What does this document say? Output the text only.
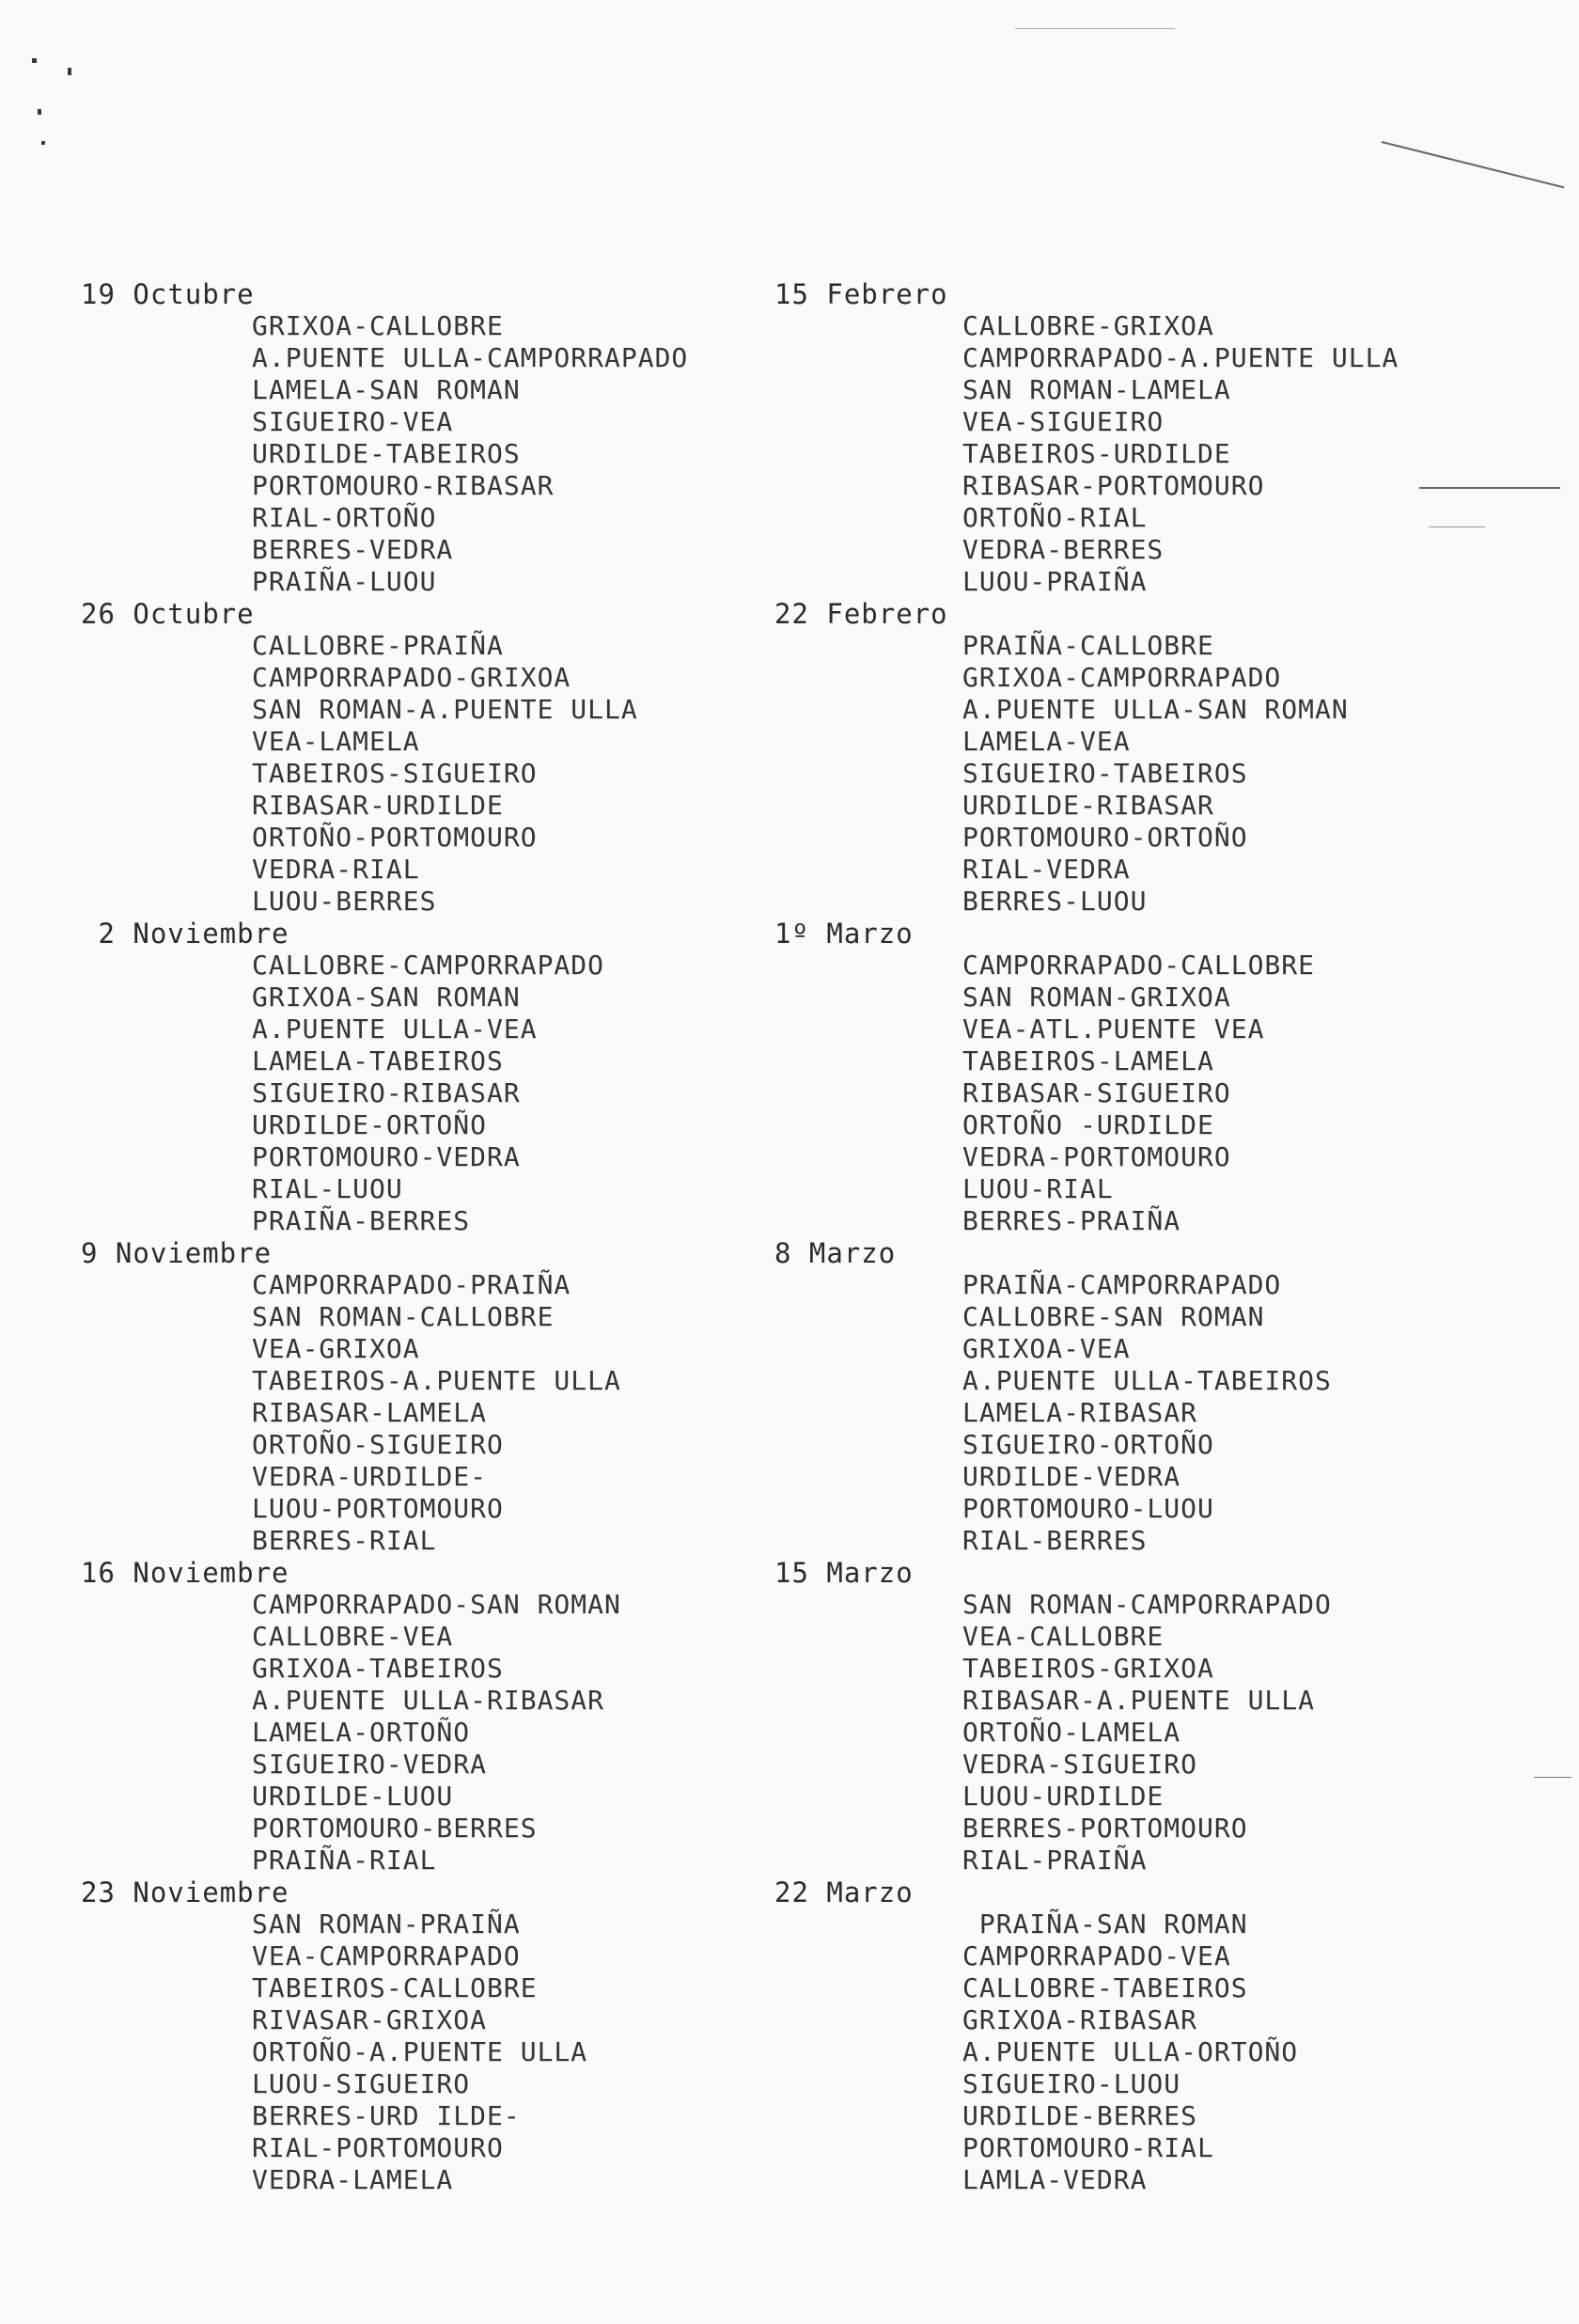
19 Octubre
GRIXOA-CALLOBRE
A.PUENTE ULLA-CAMPORRAPADO
LAMELA-SAN ROMAN
SIGUEIRO-VEA
URDILDE-TABEIROS
PORTOMOURO-RIBASAR
RIAL-ORTOÑO
BERRES-VEDRA
PRAIÑA-LUOU
26 Octubre
CALLOBRE-PRAIÑA
CAMPORRAPADO-GRIXOA
SAN ROMAN-A.PUENTE ULLA
VEA-LAMELA
TABEIROS-SIGUEIRO
RIBASAR-URDILDE
ORTOÑO-PORTOMOURO
VEDRA-RIAL
LUOU-BERRES
2 Noviembre
CALLOBRE-CAMPORRAPADO
GRIXOA-SAN ROMAN
A.PUENTE ULLA-VEA
LAMELA-TABEIROS
SIGUEIRO-RIBASAR
URDILDE-ORTOÑO
PORTOMOURO-VEDRA
RIAL-LUOU
PRAIÑA-BERRES
9 Noviembre
CAMPORRAPADO-PRAIÑA
SAN ROMAN-CALLOBRE
VEA-GRIXOA
TABEIROS-A.PUENTE ULLA
RIBASAR-LAMELA
ORTOÑO-SIGUEIRO
VEDRA-URDILDE-
LUOU-PORTOMOURO
BERRES-RIAL
16 Noviembre
CAMPORRAPADO-SAN ROMAN
CALLOBRE-VEA
GRIXOA-TABEIROS
A.PUENTE ULLA-RIBASAR
LAMELA-ORTOÑO
SIGUEIRO-VEDRA
URDILDE-LUOU
PORTOMOURO-BERRES
PRAIÑA-RIAL
23 Noviembre
SAN ROMAN-PRAIÑA
VEA-CAMPORRAPADO
TABEIROS-CALLOBRE
RIVASAR-GRIXOA
ORTOÑO-A.PUENTE ULLA
LUOU-SIGUEIRO
BERRES-URD ILDE-
RIAL-PORTOMOURO
VEDRA-LAMELA
15 Febrero
CALLOBRE-GRIXOA
CAMPORRAPADO-A.PUENTE ULLA
SAN ROMAN-LAMELA
VEA-SIGUEIRO
TABEIROS-URDILDE
RIBASAR-PORTOMOURO
ORTOÑO-RIAL
VEDRA-BERRES
LUOU-PRAIÑA
22 Febrero
PRAIÑA-CALLOBRE
GRIXOA-CAMPORRAPADO
A.PUENTE ULLA-SAN ROMAN
LAMELA-VEA
SIGUEIRO-TABEIROS
URDILDE-RIBASAR
PORTOMOURO-ORTOÑO
RIAL-VEDRA
BERRES-LUOU
1º Marzo
CAMPORRAPADO-CALLOBRE
SAN ROMAN-GRIXOA
VEA-ATL.PUENTE VEA
TABEIROS-LAMELA
RIBASAR-SIGUEIRO
ORTOÑO -URDILDE
VEDRA-PORTOMOURO
LUOU-RIAL
BERRES-PRAIÑA
8 Marzo
PRAIÑA-CAMPORRAPADO
CALLOBRE-SAN ROMAN
GRIXOA-VEA
A.PUENTE ULLA-TABEIROS
LAMELA-RIBASAR
SIGUEIRO-ORTOÑO
URDILDE-VEDRA
PORTOMOURO-LUOU
RIAL-BERRES
15 Marzo
SAN ROMAN-CAMPORRAPADO
VEA-CALLOBRE
TABEIROS-GRIXOA
RIBASAR-A.PUENTE ULLA
ORTOÑO-LAMELA
VEDRA-SIGUEIRO
LUOU-URDILDE
BERRES-PORTOMOURO
RIAL-PRAIÑA
22 Marzo
PRAIÑA-SAN ROMAN
CAMPORRAPADO-VEA
CALLOBRE-TABEIROS
GRIXOA-RIBASAR
A.PUENTE ULLA-ORTOÑO
SIGUEIRO-LUOU
URDILDE-BERRES
PORTOMOURO-RIAL
LAMLA-VEDRA
